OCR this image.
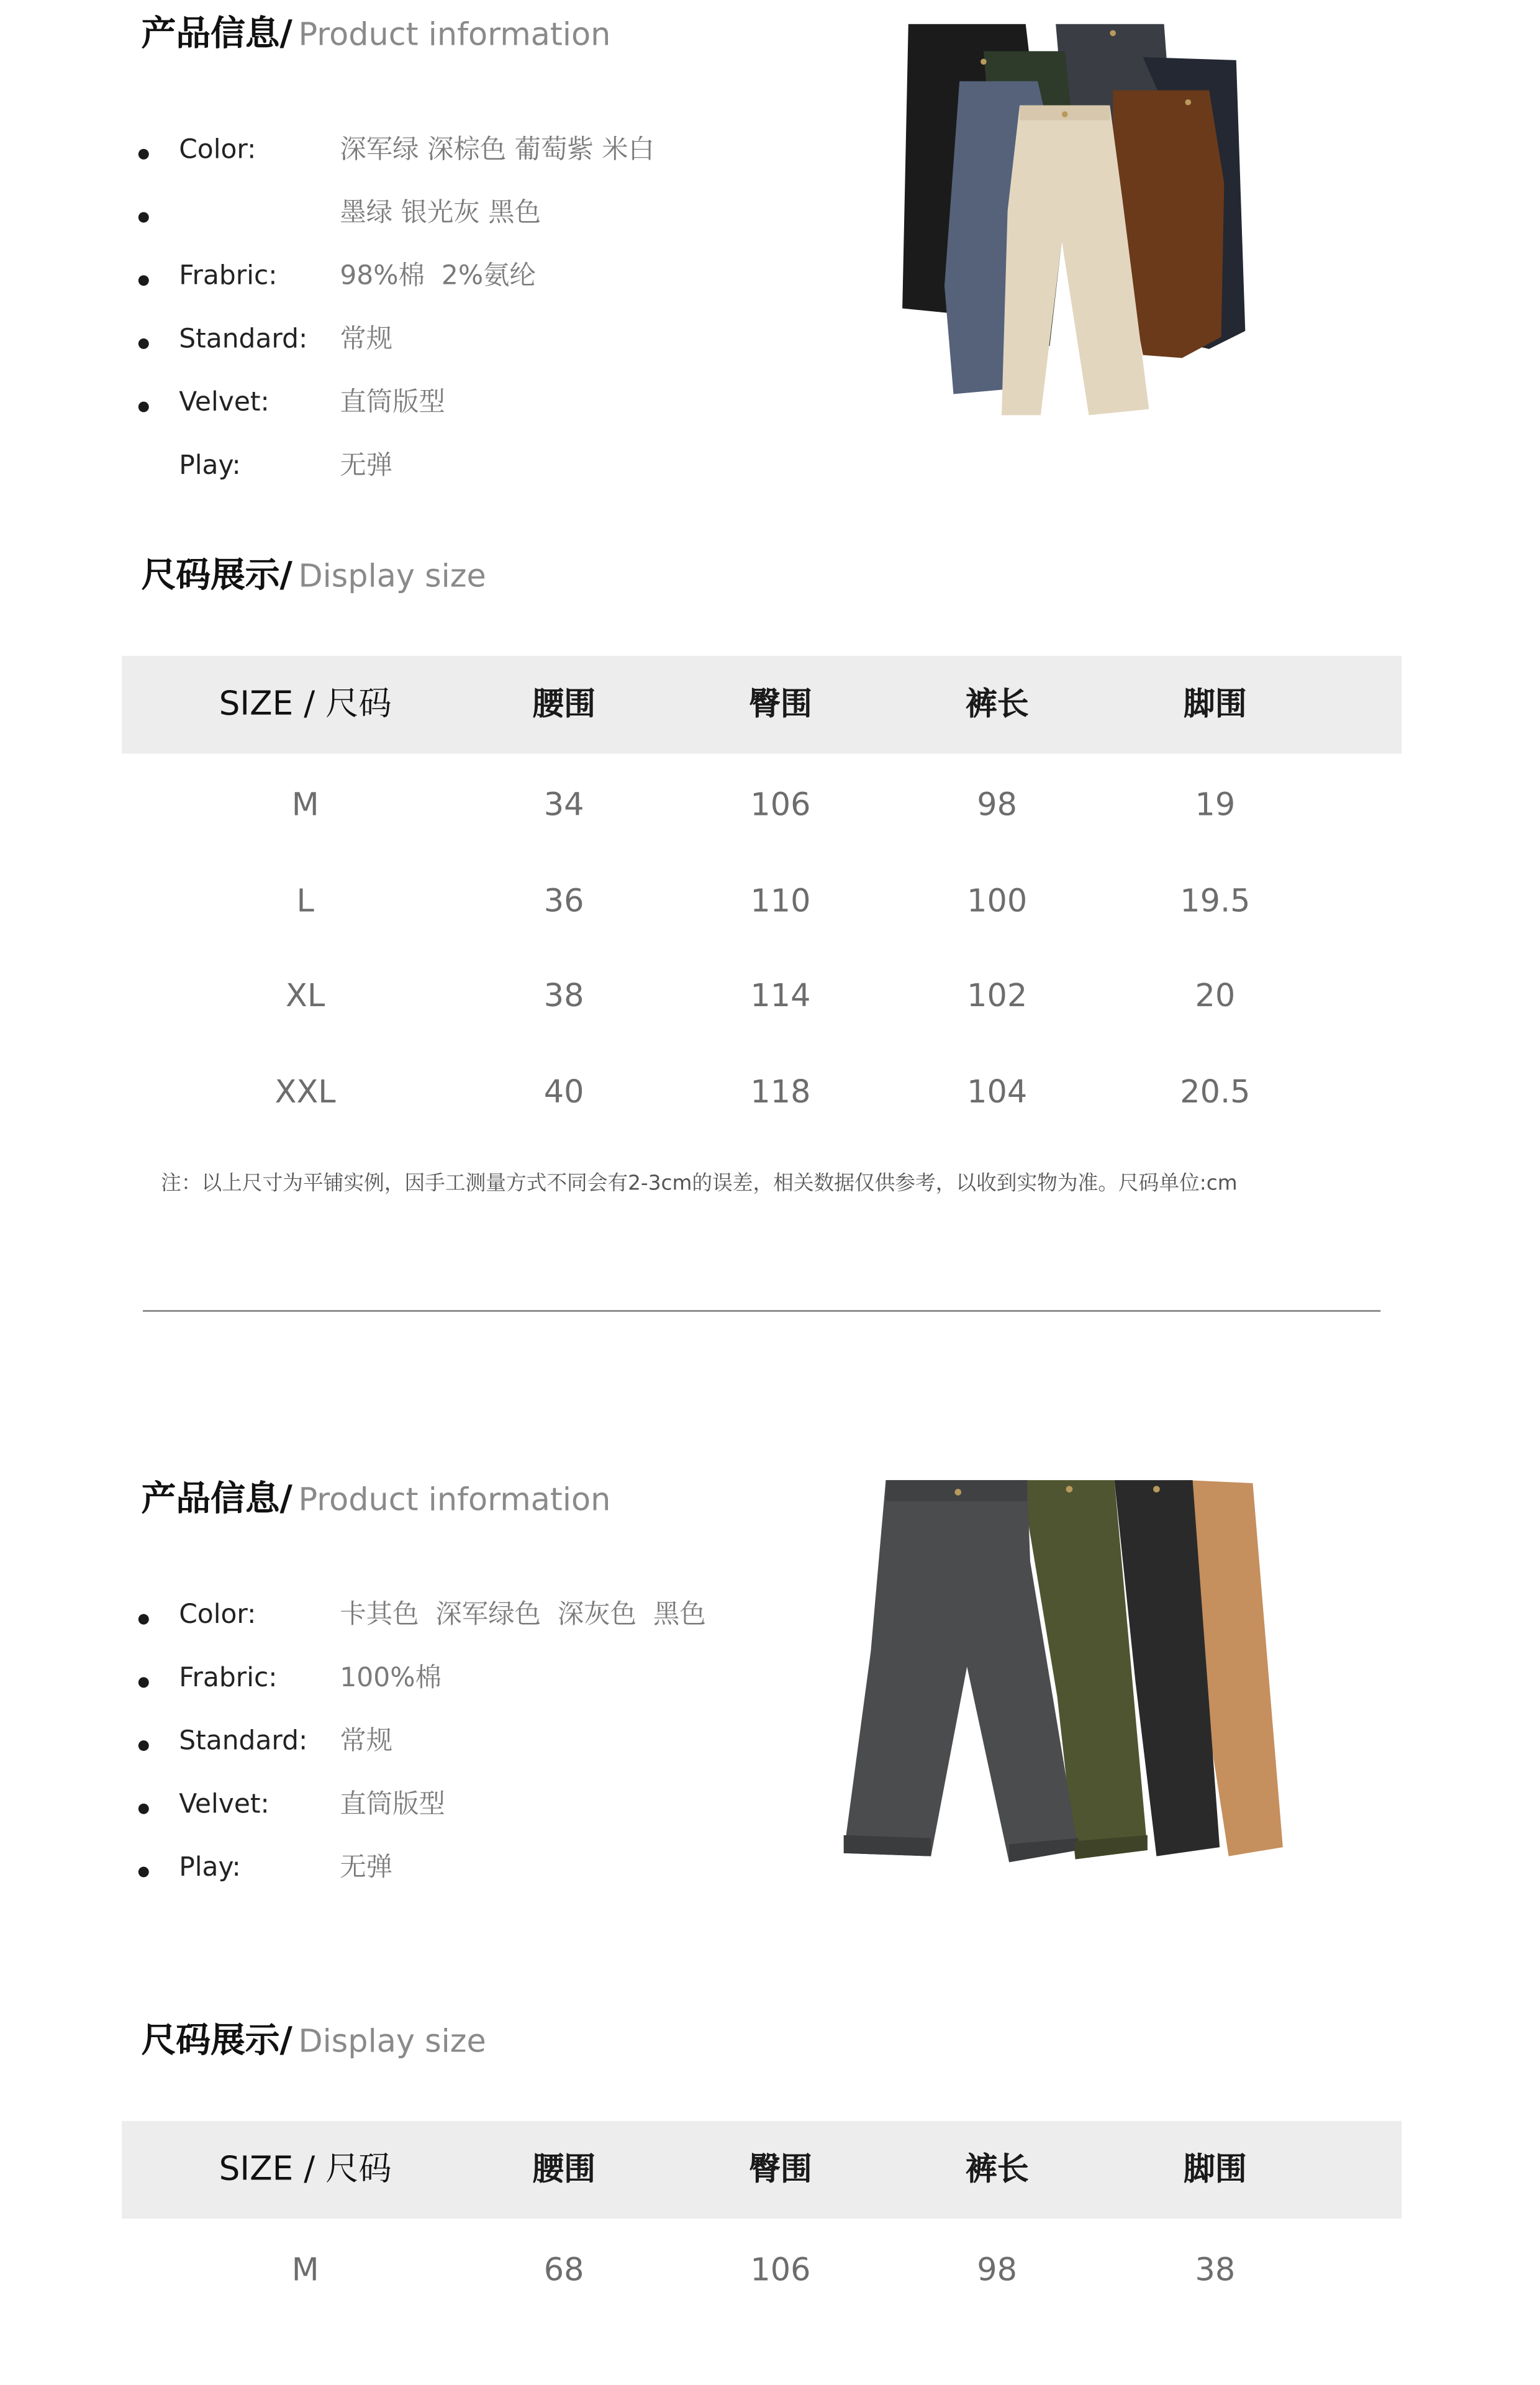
产品信息/ Product information
Color:	深军绿 深棕色 葡萄紫 米白
墨绿 银光灰 黑色
Frabric:	98%棉  2%氨纶
Standard:	常规
Velvet:	直筒版型
Play:	无弹
尺码展示/ Display size
SIZE / 尺码	腰围	臀围	裤长	脚围
M	34	106	98	19
L	36	110	100	19.5
XL	38	114	102	20
XXL	40	118	104	20.5
注：以上尺寸为平铺实例，因手工测量方式不同会有2-3cm的误差，相关数据仅供参考，以收到实物为准。尺码单位:cm
产品信息/ Product information
Color:	卡其色  深军绿色  深灰色  黑色
Frabric:	100%棉
Standard:	常规
Velvet:	直筒版型
Play:	无弹
尺码展示/ Display size
SIZE / 尺码	腰围	臀围	裤长	脚围
M	68	106	98	38
